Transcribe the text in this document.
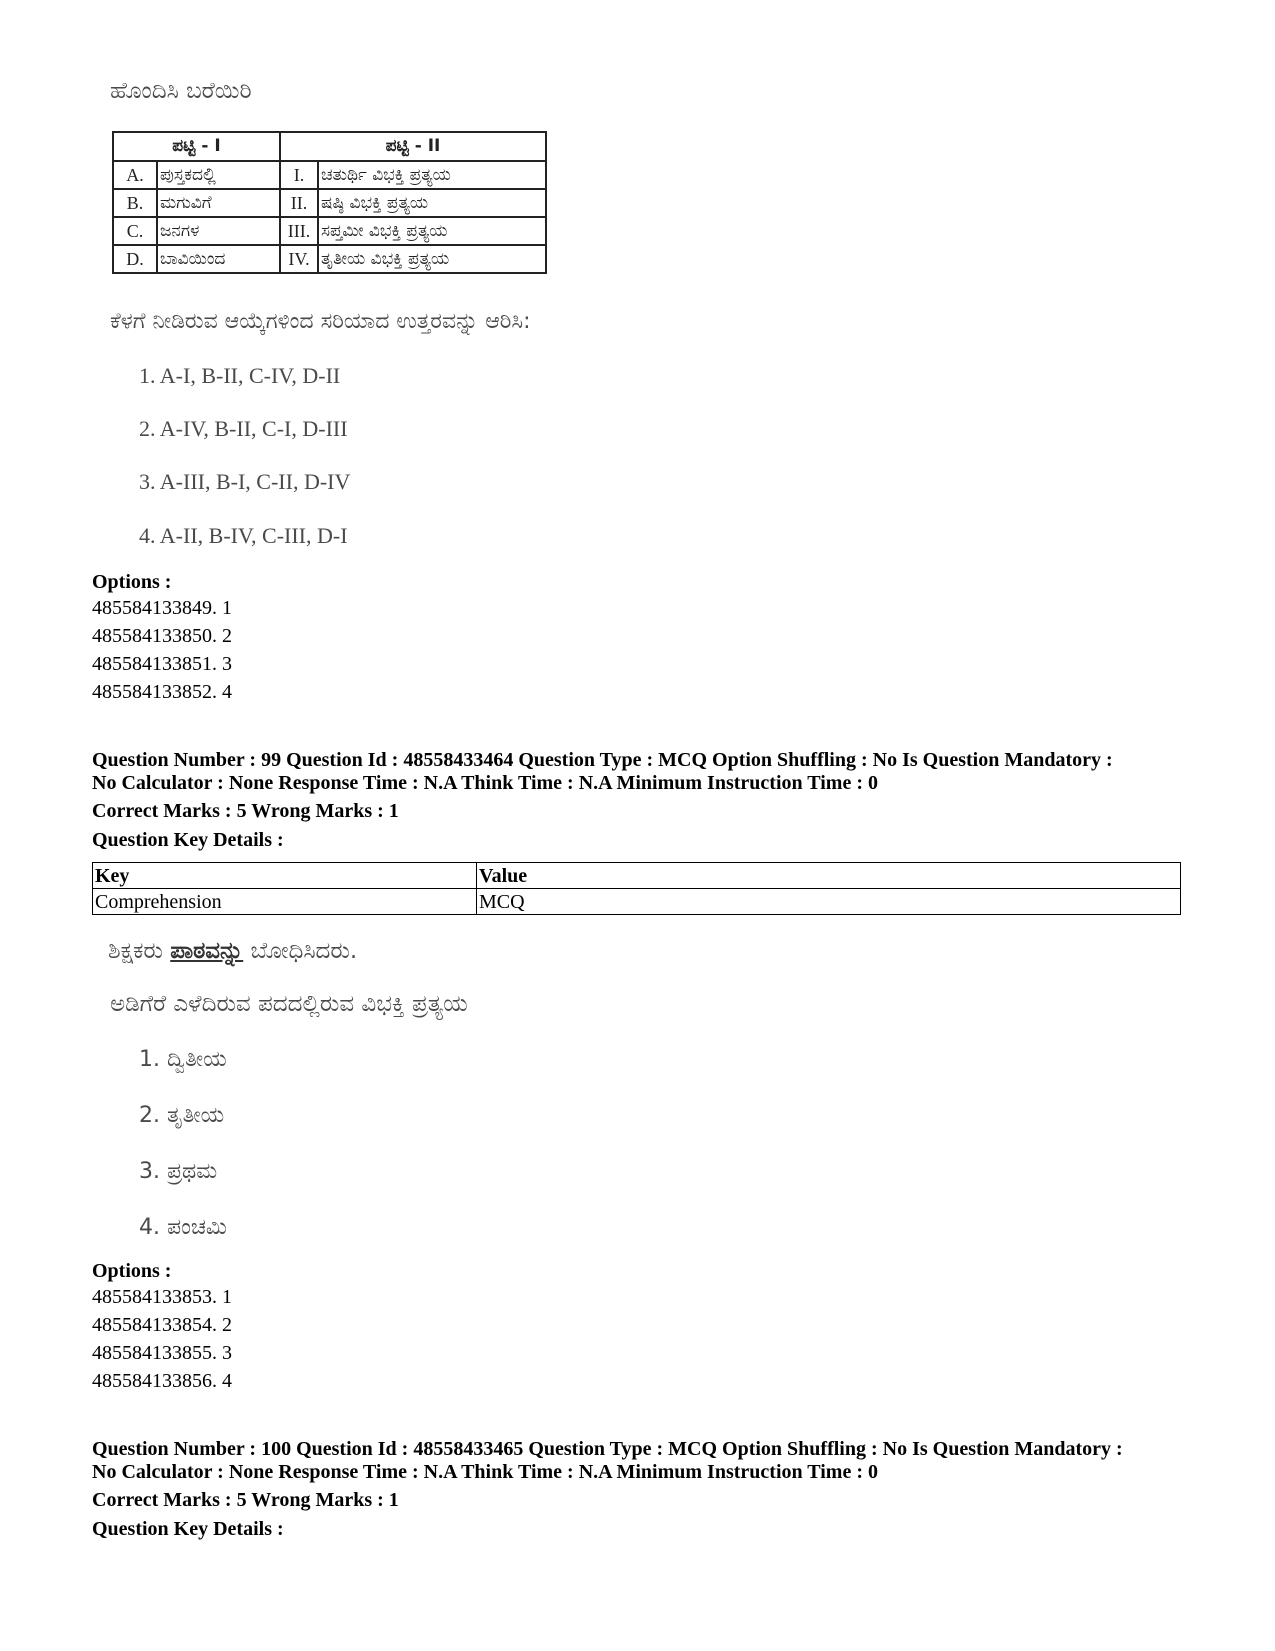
ಹೊಂದಿಸಿ ಬರೆಯಿರಿ
ಪಟ್ಟಿ - I		ಪಟ್ಟಿ - II	
A.	ಪುಸ್ತಕದಲ್ಲಿ	I.	ಚತುರ್ಥಿ ವಿಭಕ್ತಿ ಪ್ರತ್ಯಯ
B.	ಮಗುವಿಗೆ	II.	ಷಷ್ಠಿ ವಿಭಕ್ತಿ ಪ್ರತ್ಯಯ
C.	ಜನಗಳ	III.	ಸಪ್ತಮೀ ವಿಭಕ್ತಿ ಪ್ರತ್ಯಯ
D.	ಬಾವಿಯಿಂದ	IV.	ತೃತೀಯ ವಿಭಕ್ತಿ ಪ್ರತ್ಯಯ
ಕೆಳಗೆ ನೀಡಿರುವ ಆಯ್ಕೆಗಳಿಂದ ಸರಿಯಾದ ಉತ್ತರವನ್ನು ಆರಿಸಿ:
1. A-I, B-II, C-IV, D-II
2. A-IV, B-II, C-I, D-III
3. A-III, B-I, C-II, D-IV
4. A-II, B-IV, C-III, D-I
Options :
485584133849. 1
485584133850. 2
485584133851. 3
485584133852. 4
Question Number : 99 Question Id : 48558433464 Question Type : MCQ Option Shuffling : No Is Question Mandatory :
No Calculator : None Response Time : N.A Think Time : N.A Minimum Instruction Time : 0
Correct Marks : 5 Wrong Marks : 1
Question Key Details :
Key	Value
Comprehension	MCQ
ಶಿಕ್ಷಕರು ಪಾಠವನ್ನು ಬೋಧಿಸಿದರು.
ಅಡಿಗೆರೆ ಎಳೆದಿರುವ ಪದದಲ್ಲಿರುವ ವಿಭಕ್ತಿ ಪ್ರತ್ಯಯ
1. ದ್ವಿತೀಯ
2. ತೃತೀಯ
3. ಪ್ರಥಮ
4. ಪಂಚಮಿ
Options :
485584133853. 1
485584133854. 2
485584133855. 3
485584133856. 4
Question Number : 100 Question Id : 48558433465 Question Type : MCQ Option Shuffling : No Is Question Mandatory :
No Calculator : None Response Time : N.A Think Time : N.A Minimum Instruction Time : 0
Correct Marks : 5 Wrong Marks : 1
Question Key Details :
